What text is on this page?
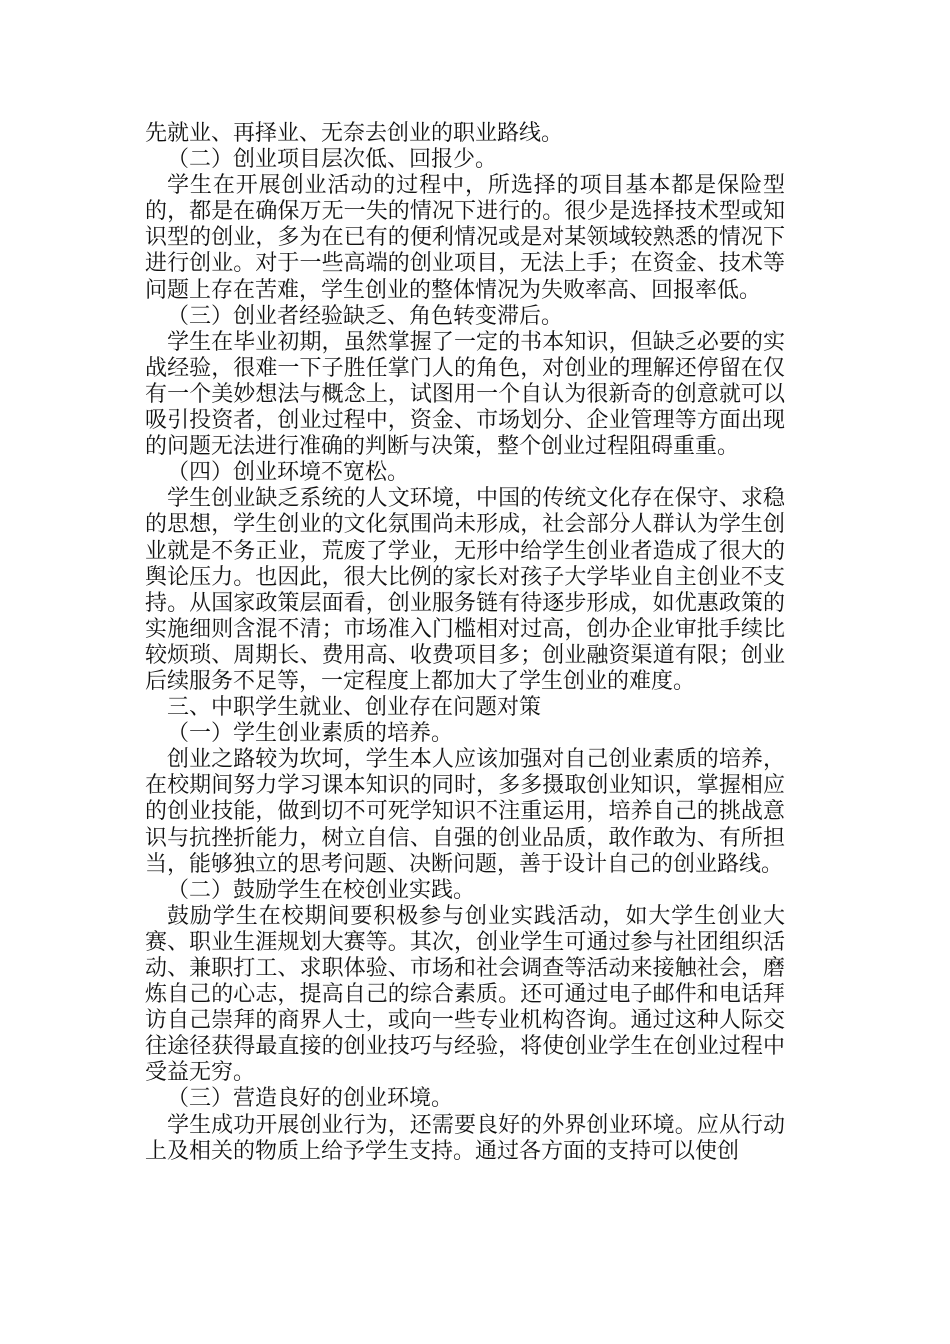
先就业、再择业、无奈去创业的职业路线。

（二）创业项目层次低、回报少。

学生在开展创业活动的过程中，所选择的项目基本都是保险型的，都是在确保万无一失的情况下进行的。很少是选择技术型或知识型的创业，多为在已有的便利情况或是对某领域较熟悉的情况下进行创业。对于一些高端的创业项目，无法上手；在资金、技术等问题上存在苦难，学生创业的整体情况为失败率高、回报率低。

（三）创业者经验缺乏、角色转变滞后。

学生在毕业初期，虽然掌握了一定的书本知识，但缺乏必要的实战经验，很难一下子胜任掌门人的角色，对创业的理解还停留在仅有一个美妙想法与概念上，试图用一个自认为很新奇的创意就可以吸引投资者，创业过程中，资金、市场划分、企业管理等方面出现的问题无法进行准确的判断与决策，整个创业过程阻碍重重。

（四）创业环境不宽松。

学生创业缺乏系统的人文环境，中国的传统文化存在保守、求稳的思想，学生创业的文化氛围尚未形成，社会部分人群认为学生创业就是不务正业，荒废了学业，无形中给学生创业者造成了很大的舆论压力。也因此，很大比例的家长对孩子大学毕业自主创业不支持。从国家政策层面看，创业服务链有待逐步形成，如优惠政策的实施细则含混不清；市场准入门槛相对过高，创办企业审批手续比较烦琐、周期长、费用高、收费项目多；创业融资渠道有限；创业后续服务不足等，一定程度上都加大了学生创业的难度。

三、中职学生就业、创业存在问题对策

（一）学生创业素质的培养。

创业之路较为坎坷，学生本人应该加强对自己创业素质的培养，在校期间努力学习课本知识的同时，多多摄取创业知识，掌握相应的创业技能，做到切不可死学知识不注重运用，培养自己的挑战意识与抗挫折能力，树立自信、自强的创业品质，敢作敢为、有所担当，能够独立的思考问题、决断问题，善于设计自己的创业路线。

（二）鼓励学生在校创业实践。

鼓励学生在校期间要积极参与创业实践活动，如大学生创业大赛、职业生涯规划大赛等。其次，创业学生可通过参与社团组织活动、兼职打工、求职体验、市场和社会调查等活动来接触社会，磨炼自己的心志，提高自己的综合素质。还可通过电子邮件和电话拜访自己崇拜的商界人士，或向一些专业机构咨询。通过这种人际交往途径获得最直接的创业技巧与经验，将使创业学生在创业过程中受益无穷。

（三）营造良好的创业环境。

学生成功开展创业行为，还需要良好的外界创业环境。应从行动上及相关的物质上给予学生支持。通过各方面的支持可以使创
